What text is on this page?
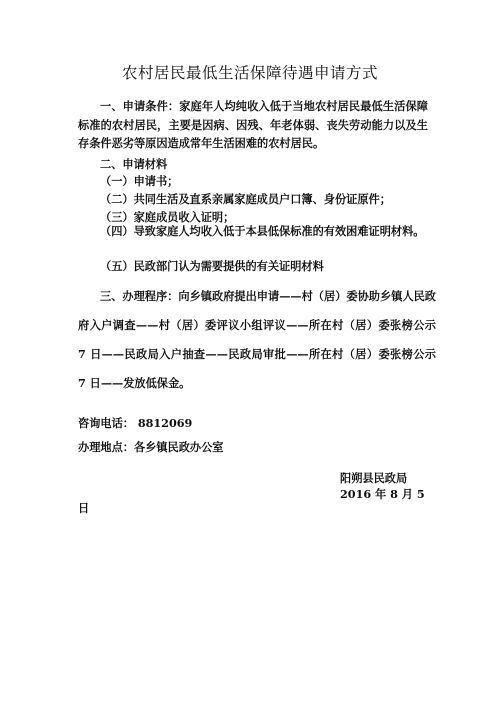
农村居民最低生活保障待遇申请方式

一、申请条件：家庭年人均纯收入低于当地农村居民最低生活保障标准的农村居民，主要是因病、因残、年老体弱、丧失劳动能力以及生存条件恶劣等原因造成常年生活困难的农村居民。

二、申请材料
（一）申请书；
（二）共同生活及直系亲属家庭成员户口簿、身份证原件；
（三）家庭成员收入证明；

（四）导致家庭人均收入低于本县低保标准的有效困难证明材料。

（五）民政部门认为需要提供的有关证明材料

三、办理程序：向乡镇政府提出申请——村（居）委协助乡镇人民政府入户调查——村（居）委评议小组评议——所在村（居）委张榜公示 7 日——民政局入户抽查——民政局审批——所在村（居）委张榜公示 7 日——发放低保金。

咨询电话： 8812069
办理地点：各乡镇民政办公室
阳朔县民政局
2016 年 8 月 5
日
